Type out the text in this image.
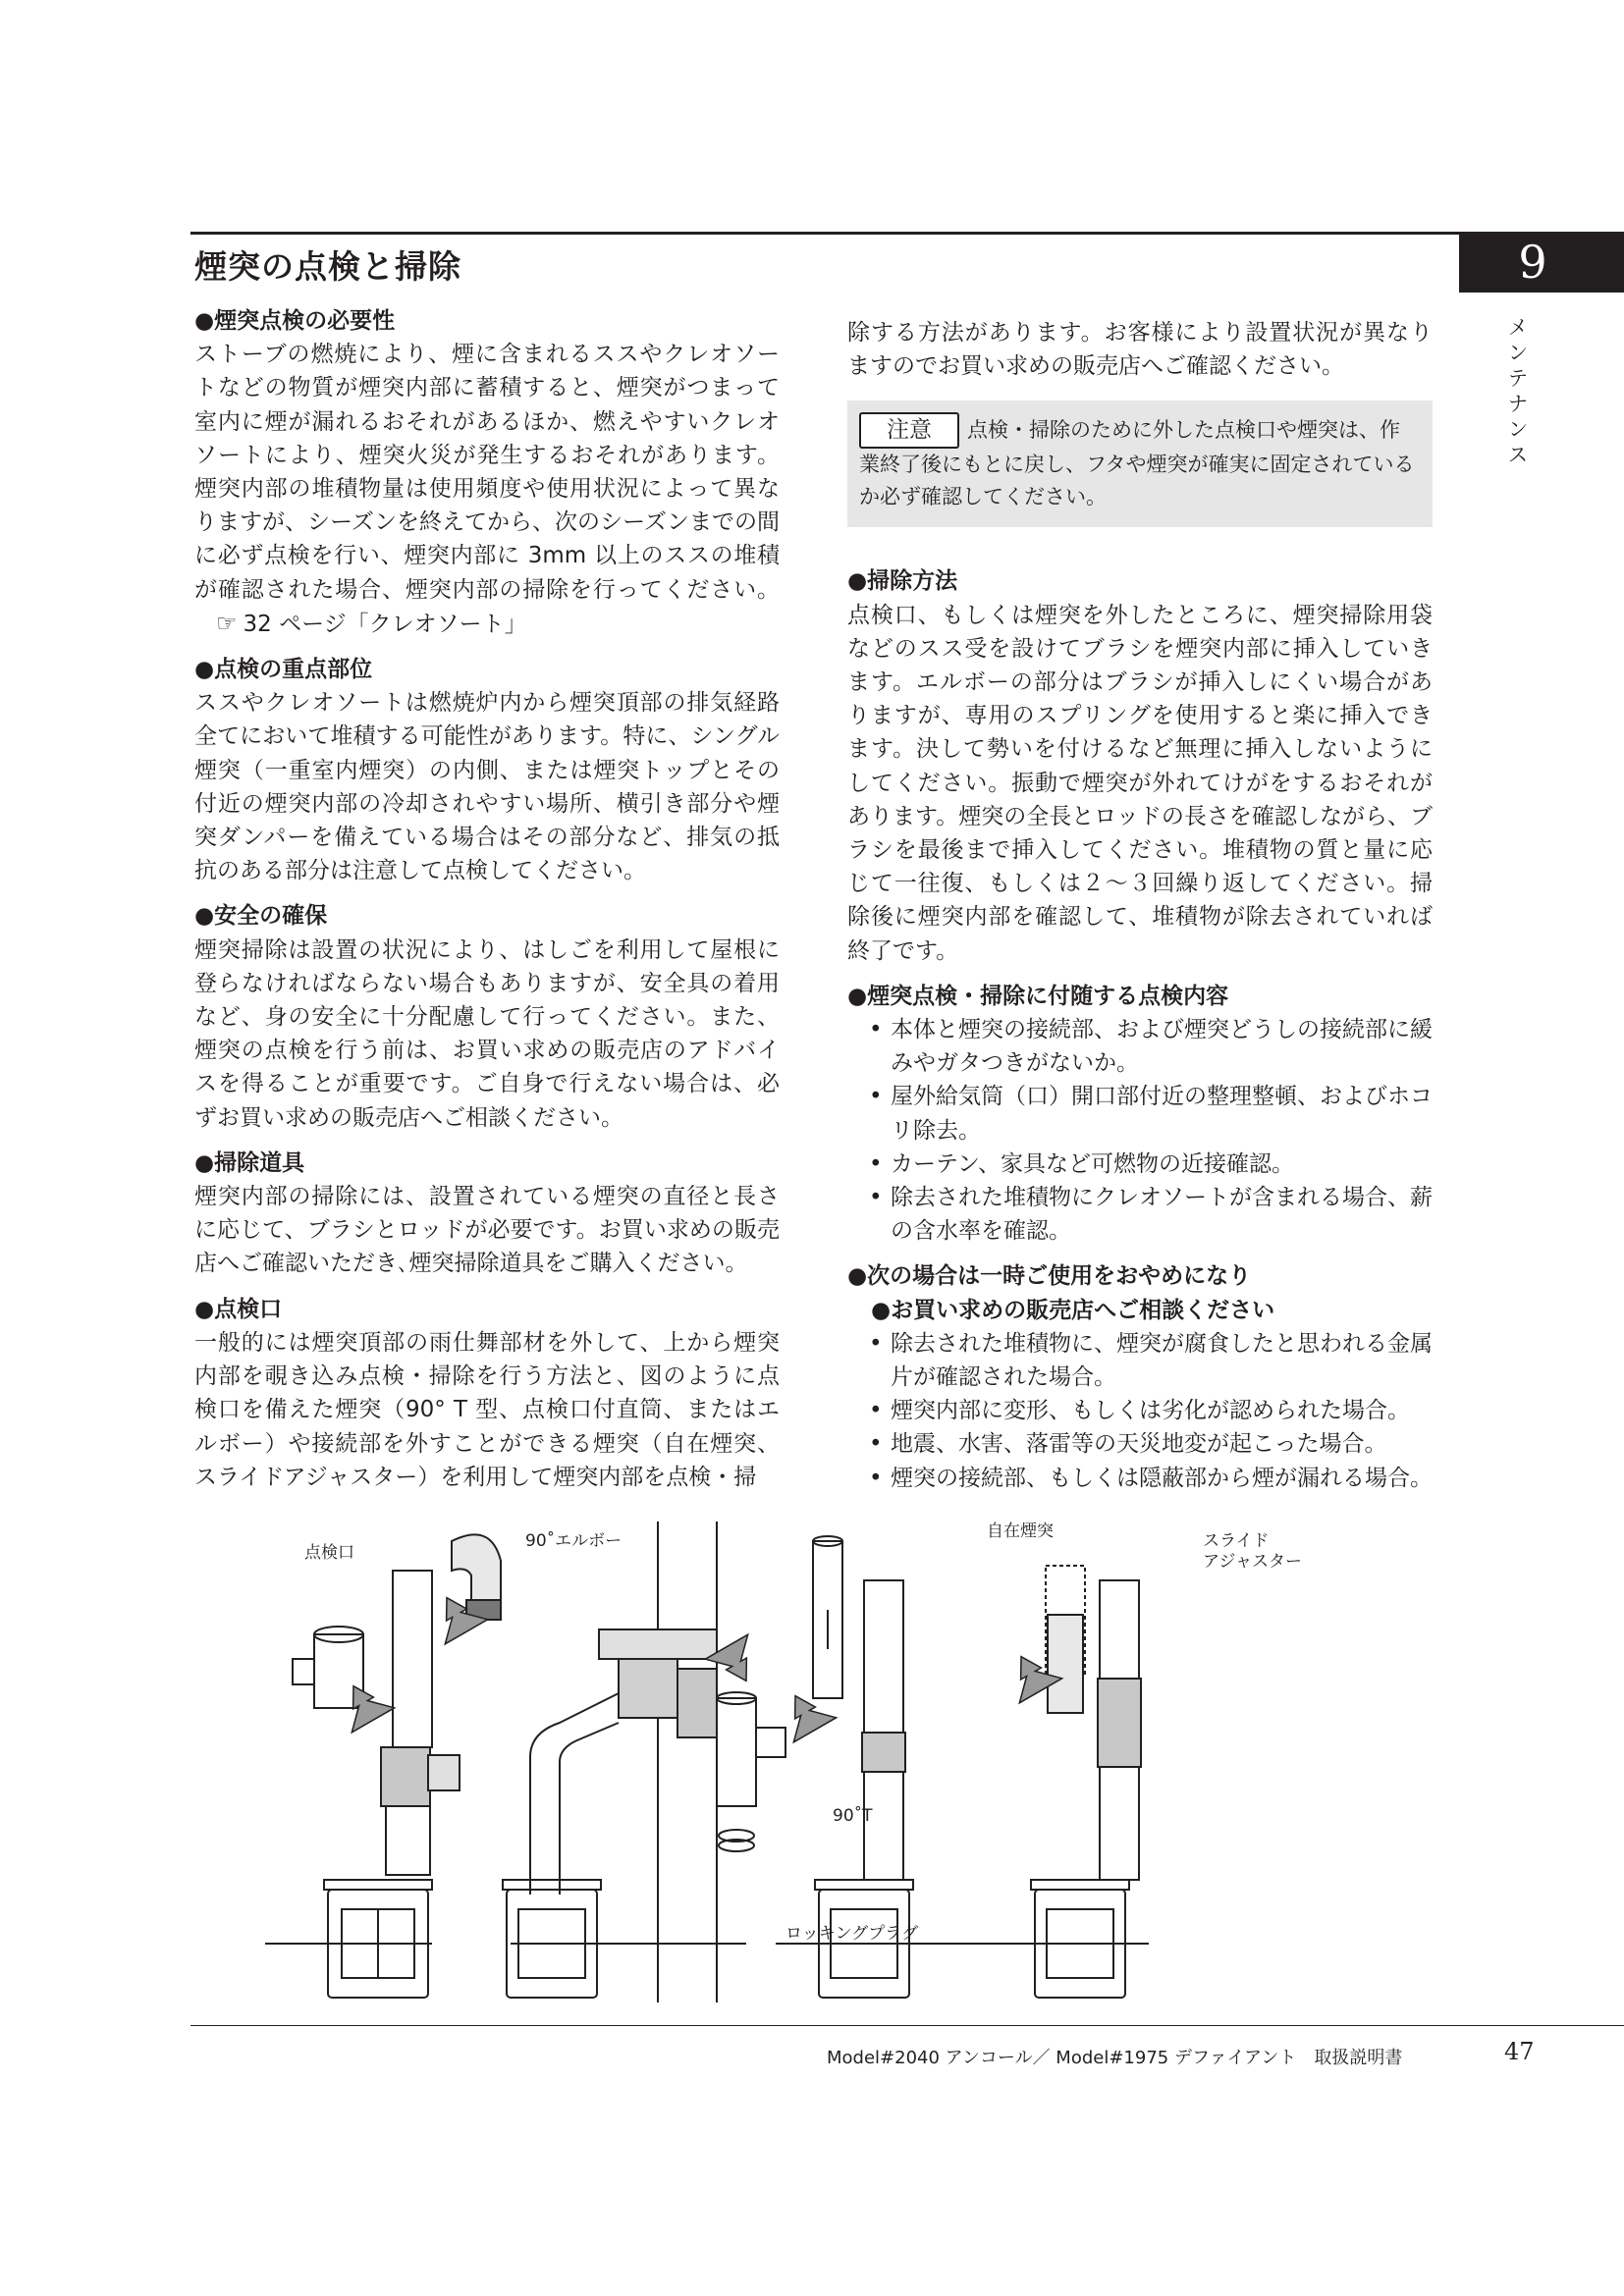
煙突の点検と掃除	9
メンテナンス

● 煙突点検の必要性

ストーブの燃焼により、煙に含まれるススやクレオソートなどの物質が煙突内部に蓄積すると、煙突がつまって室内に煙が漏れるおそれがあるほか、燃えやすいクレオソートにより、煙突火災が発生するおそれがあります。煙突内部の堆積物量は使用頻度や使用状況によって異なりますが、シーズンを終えてから、次のシーズンまでの間に必ず点検を行い、煙突内部に 3mm 以上のススの堆積が確認された場合、煙突内部の掃除を行ってください。☞ 32 ページ「クレオソート」

● 点検の重点部位

ススやクレオソートは燃焼炉内から煙突頂部の排気経路全てにおいて堆積する可能性があります。特に、シングル煙突（一重室内煙突）の内側、または煙突トップとその付近の煙突内部の冷却されやすい場所、横引き部分や煙突ダンパーを備えている場合はその部分など、排気の抵抗のある部分は注意して点検してください。

● 安全の確保

煙突掃除は設置の状況により、はしごを利用して屋根に登らなければならない場合もありますが、安全具の着用など、身の安全に十分配慮して行ってください。また、煙突の点検を行う前は、お買い求めの販売店のアドバイスを得ることが重要です。ご自身で行えない場合は、必ずお買い求めの販売店へご相談ください。

● 掃除道具

煙突内部の掃除には、設置されている煙突の直径と長さに応じて、ブラシとロッドが必要です。お買い求めの販売店へご確認いただき､煙突掃除道具をご購入ください。

● 点検口

一般的には煙突頂部の雨仕舞部材を外して、上から煙突内部を覗き込み点検・掃除を行う方法と、図のように点検口を備えた煙突（90° T 型、点検口付直筒、またはエルボー）や接続部を外すことができる煙突（自在煙突、スライドアジャスター）を利用して煙突内部を点検・掃

除する方法があります。お客様により設置状況が異なりますのでお買い求めの販売店へご確認ください。

注意 点検・掃除のために外した点検口や煙突は、作業終了後にもとに戻し、フタや煙突が確実に固定されているか必ず確認してください。

● 掃除方法

点検口、もしくは煙突を外したところに、煙突掃除用袋などのスス受を設けてブラシを煙突内部に挿入していきます。エルボーの部分はブラシが挿入しにくい場合がありますが、専用のスプリングを使用すると楽に挿入できます。決して勢いを付けるなど無理に挿入しないようにしてください。振動で煙突が外れてけがをするおそれがあります。煙突の全長とロッドの長さを確認しながら、ブラシを最後まで挿入してください。堆積物の質と量に応じて一往復、もしくは２～３回繰り返してください。掃除後に煙突内部を確認して、堆積物が除去されていれば終了です。

● 煙突点検・掃除に付随する点検内容

• 本体と煙突の接続部、および煙突どうしの接続部に緩みやガタつきがないか。
• 屋外給気筒（口）開口部付近の整理整頓、およびホコリ除去。
• カーテン、家具など可燃物の近接確認。
• 除去された堆積物にクレオソートが含まれる場合、薪の含水率を確認。

● 次の場合は一時ご使用をおやめになり

● お買い求めの販売店へご相談ください

• 除去された堆積物に、煙突が腐食したと思われる金属片が確認された場合。
• 煙突内部に変形、もしくは劣化が認められた場合。
• 地震、水害、落雷等の天災地変が起こった場合。
• 煙突の接続部、もしくは隠蔽部から煙が漏れる場合。
点検口
90˚エルボー
90˚T
ロッキングプラグ
自在煙突	スライド
アジャスター
Model#2040 アンコール／ Model#1975 デファイアント　取扱説明書	47
